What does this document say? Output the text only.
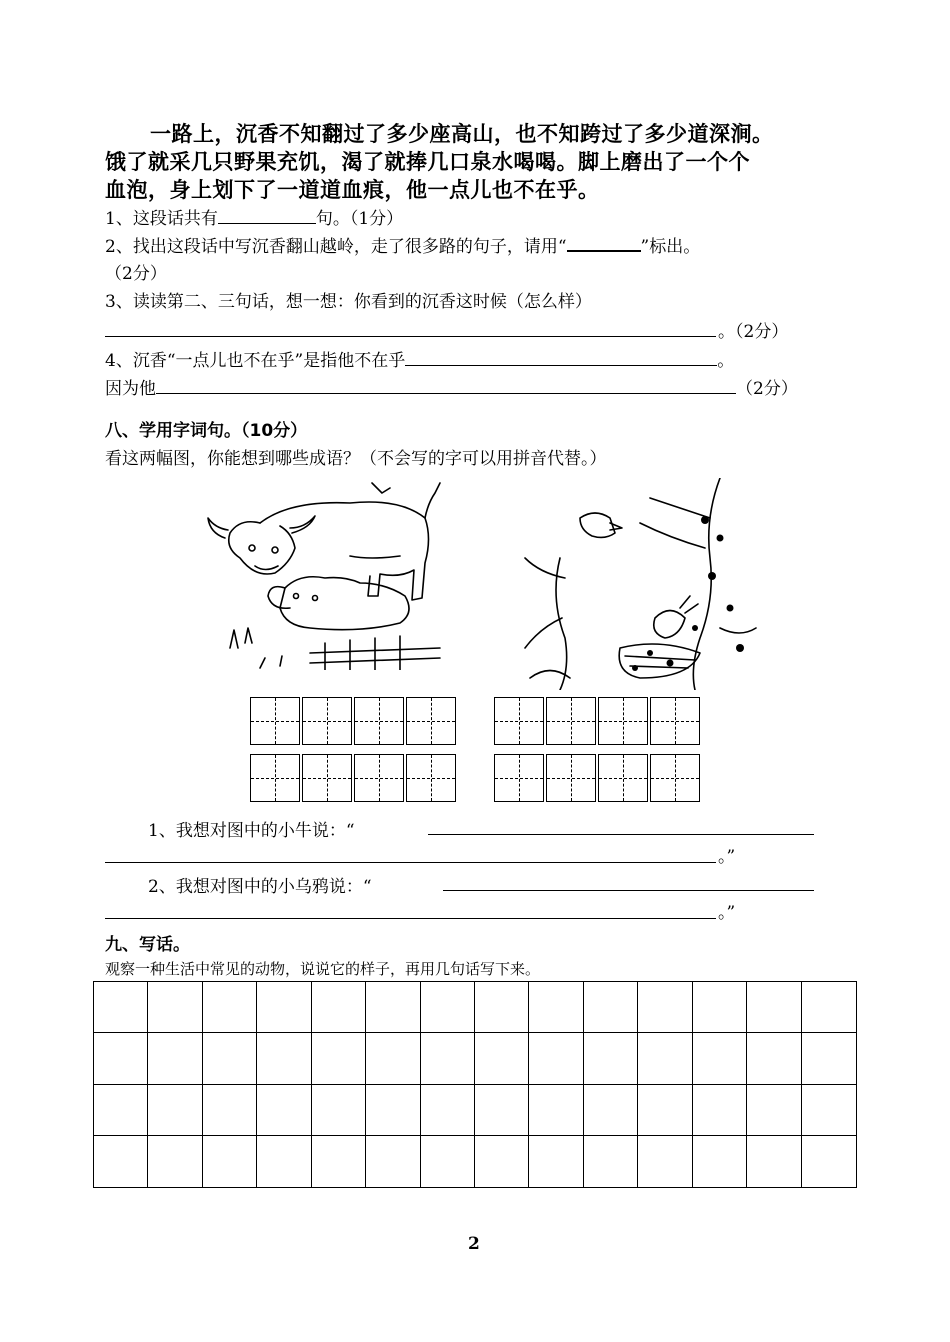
一路上，沉香不知翻过了多少座高山，也不知跨过了多少道深涧。
饿了就采几只野果充饥，渴了就捧几口泉水喝喝。脚上磨出了一个个
血泡，身上划下了一道道血痕，他一点儿也不在乎。
1、这段话共有	句。（1分）
2、找出这段话中写沉香翻山越岭，走了很多路的句子，请用“	”标出。
（2分）
3、读读第二、三句话，想一想：你看到的沉香这时候（怎么样）
。（2分）
4、沉香“一点儿也不在乎”是指他不在乎	。
因为他	（2分）
八、学用字词句。（10分）
看这两幅图，你能想到哪些成语？（不会写的字可以用拼音代替。）
1、我想对图中的小牛说：“
。”
2、我想对图中的小乌鸦说：“
。”
九、写话。
观察一种生活中常见的动物，说说它的样子，再用几句话写下来。
2
